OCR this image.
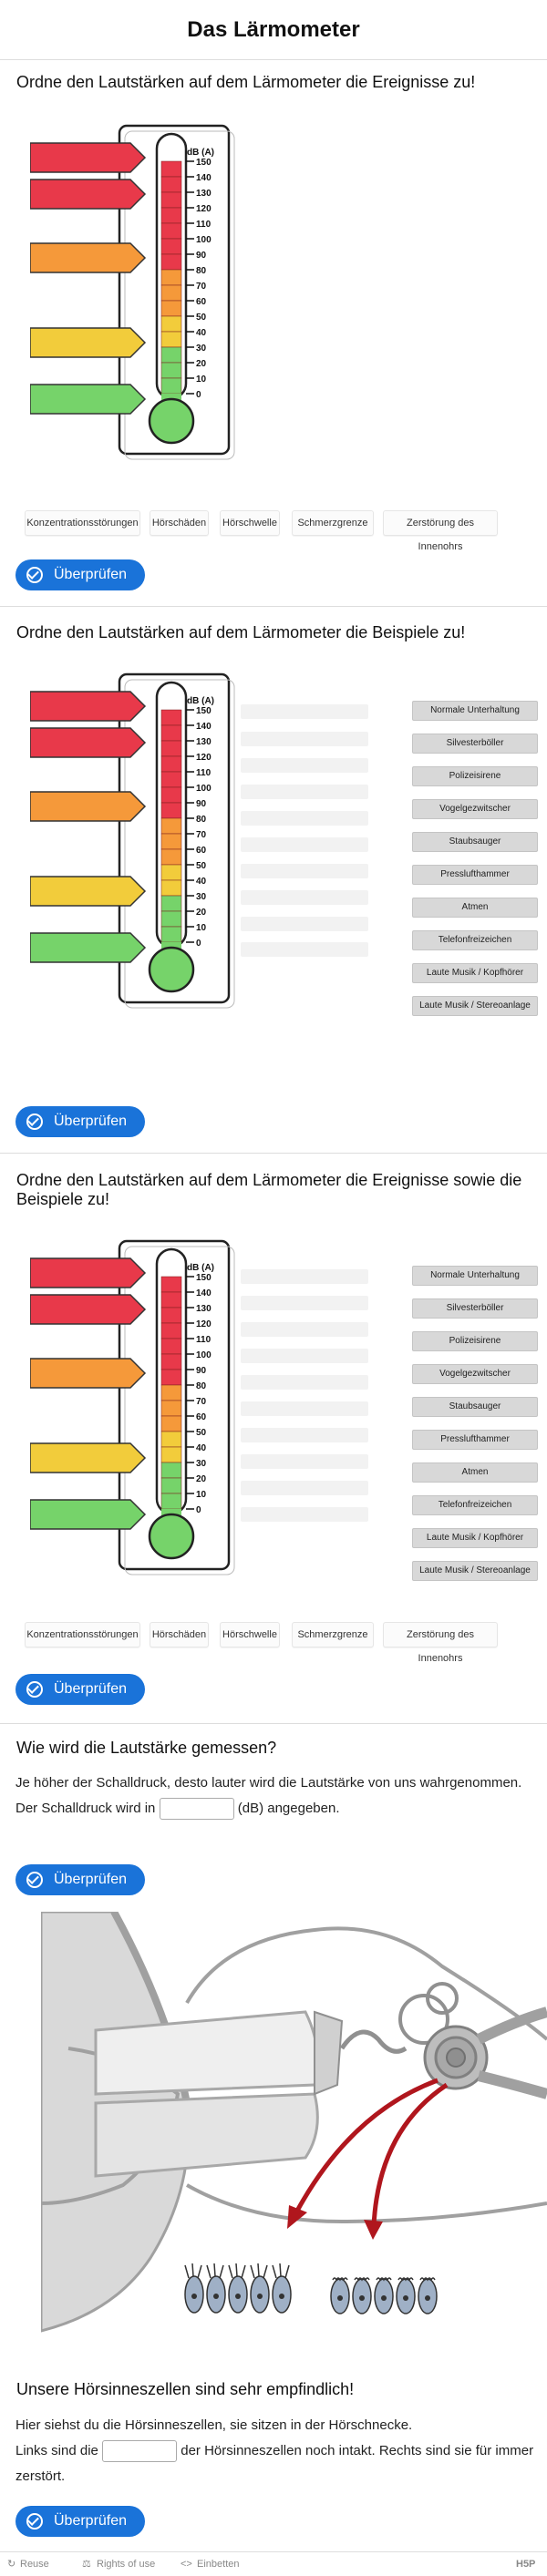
Das Lärmometer
Ordne den Lautstärken auf dem Lärmometer die Ereignisse zu!
dB (A)
150
140
130
120
110
100
90
80
70
60
50
40
30
20
10
0
Konzentrationsstörungen Hörschäden Hörschwelle	Schmerzgrenze	Zerstörung des Innenohrs
Überprüfen
Ordne den Lautstärken auf dem Lärmometer die Beispiele zu!
dB (A)
150
140
130
120
110
100
90
80
70
60
50
40
30
20
10
0
Normale Unterhaltung
Silvesterböller
Polizeisirene
Vogelgezwitscher
Staubsauger
Presslufthammer
Atmen
Telefonfreizeichen
Laute Musik / Kopfhörer
Laute Musik / Stereoanlage
Überprüfen
Ordne den Lautstärken auf dem Lärmometer die Ereignisse sowie die Beispiele zu!
dB (A)
150
140
130
120
110
100
90
80
70
60
50
40
30
20
10
0
Normale Unterhaltung
Silvesterböller
Polizeisirene
Vogelgezwitscher
Staubsauger
Presslufthammer
Atmen
Telefonfreizeichen
Laute Musik / Kopfhörer
Laute Musik / Stereoanlage
Konzentrationsstörungen Hörschäden Hörschwelle	Schmerzgrenze	Zerstörung des Innenohrs
Überprüfen
Wie wird die Lautstärke gemessen?
Je höher der Schalldruck, desto lauter wird die Lautstärke von uns wahrgenommen.
Der Schalldruck wird in	(dB) angegeben.
Überprüfen
Unsere Hörsinneszellen sind sehr empfindlich!
Hier siehst du die Hörsinneszellen, sie sitzen in der Hörschnecke.
Links sind die	der Hörsinneszellen noch intakt. Rechts sind sie für immer zerstört.
Überprüfen
↻ Reuse	⚖ Rights of use	<> Einbetten	H5P
